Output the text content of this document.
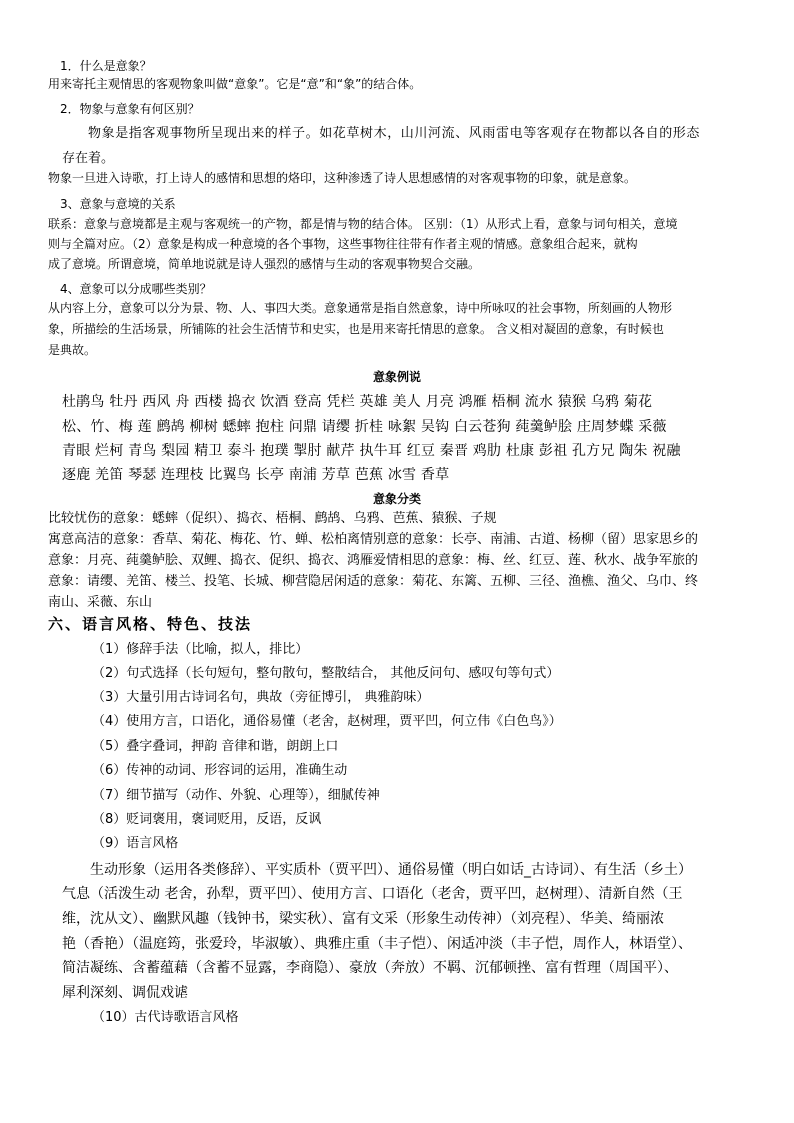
1．什么是意象？

用来寄托主观情思的客观物象叫做“意象”。它是“意”和“象”的结合体。

2．物象与意象有何区别？

物象是指客观事物所呈现出来的样子。如花草树木，山川河流、风雨雷电等客观存在物都以各自的形态

存在着。

物象一旦进入诗歌，打上诗人的感情和思想的烙印，这种渗透了诗人思想感情的对客观事物的印象，就是意象。

3、意象与意境的关系

联系：意象与意境都是主观与客观统一的产物，都是情与物的结合体。 区别：（1）从形式上看，意象与词句相关，意境

则与全篇对应。（2）意象是构成一种意境的各个事物，这些事物往往带有作者主观的情感。意象组合起来，就构

成了意境。所谓意境，简单地说就是诗人强烈的感情与生动的客观事物契合交融。

4、意象可以分成哪些类别？

从内容上分，意象可以分为景、物、人、事四大类。意象通常是指自然意象，诗中所咏叹的社会事物，所刻画的人物形

象，所描绘的生活场景，所铺陈的社会生活情节和史实，也是用来寄托情思的意象。 含义相对凝固的意象，有时候也

是典故。

意象例说

杜鹃鸟 牡丹 西风 舟 西楼 捣衣 饮酒 登高 凭栏 英雄 美人 月亮 鸿雁 梧桐 流水 猿猴 乌鸦 菊花

松、竹、梅 莲 鹧鸪 柳树 蟋蟀 抱柱 问鼎 请缨 折桂 咏絮 吴钩 白云苍狗 莼羹鲈脍 庄周梦蝶 采薇

青眼 烂柯 青鸟 梨园 精卫 泰斗 抱璞 掣肘 献芹 执牛耳 红豆 秦晋 鸡肋 杜康 彭祖 孔方兄 陶朱 祝融

逐鹿 羌笛 琴瑟 连理枝 比翼鸟 长亭 南浦 芳草 芭蕉 冰雪 香草

意象分类

比较忧伤的意象：蟋蟀（促织）、捣衣、梧桐、鹧鸪、乌鸦、芭蕉、猿猴、子规

寓意高洁的意象：香草、菊花、梅花、竹、蝉、松柏离情别意的意象：长亭、南浦、古道、杨柳（留）思家思乡的

意象：月亮、莼羹鲈脍、双鲤、捣衣、促织、捣衣、鸿雁爱情相思的意象：梅、丝、红豆、莲、秋水、战争军旅的

意象：请缨、羌笛、楼兰、投笔、长城、柳营隐居闲适的意象：菊花、东篱、五柳、三径、渔樵、渔父、乌巾、终

南山、采薇、东山

六、语言风格、特色、技法

（1）修辞手法（比喻，拟人，排比）

（2）句式选择（长句短句，整句散句，整散结合， 其他反问句、感叹句等句式）

（3）大量引用古诗词名句，典故（旁征博引， 典雅韵味）

（4）使用方言，口语化，通俗易懂（老舍，赵树理，贾平凹，何立伟《白色鸟》）

（5）叠字叠词，押韵 音律和谐，朗朗上口

（6）传神的动词、形容词的运用，准确生动

（7）细节描写（动作、外貌、心理等），细腻传神

（8）贬词褒用，褒词贬用，反语，反讽

（9）语言风格

生动形象（运用各类修辞）、平实质朴（贾平凹）、通俗易懂（明白如话_古诗词）、有生活（乡土）

气息（活泼生动 老舍，孙犁，贾平凹）、使用方言、口语化（老舍，贾平凹，赵树理）、清新自然（王

维，沈从文）、幽默风趣（钱钟书，梁实秋）、富有文采（形象生动传神）（刘亮程）、华美、绮丽浓

艳（香艳）（温庭筠，张爱玲，毕淑敏）、典雅庄重（丰子恺）、闲适冲淡（丰子恺，周作人，林语堂）、

简洁凝练、含蓄蕴藉（含蓄不显露，李商隐）、豪放（奔放）不羁、沉郁顿挫、富有哲理（周国平）、

犀利深刻、调侃戏谑

（10）古代诗歌语言风格
